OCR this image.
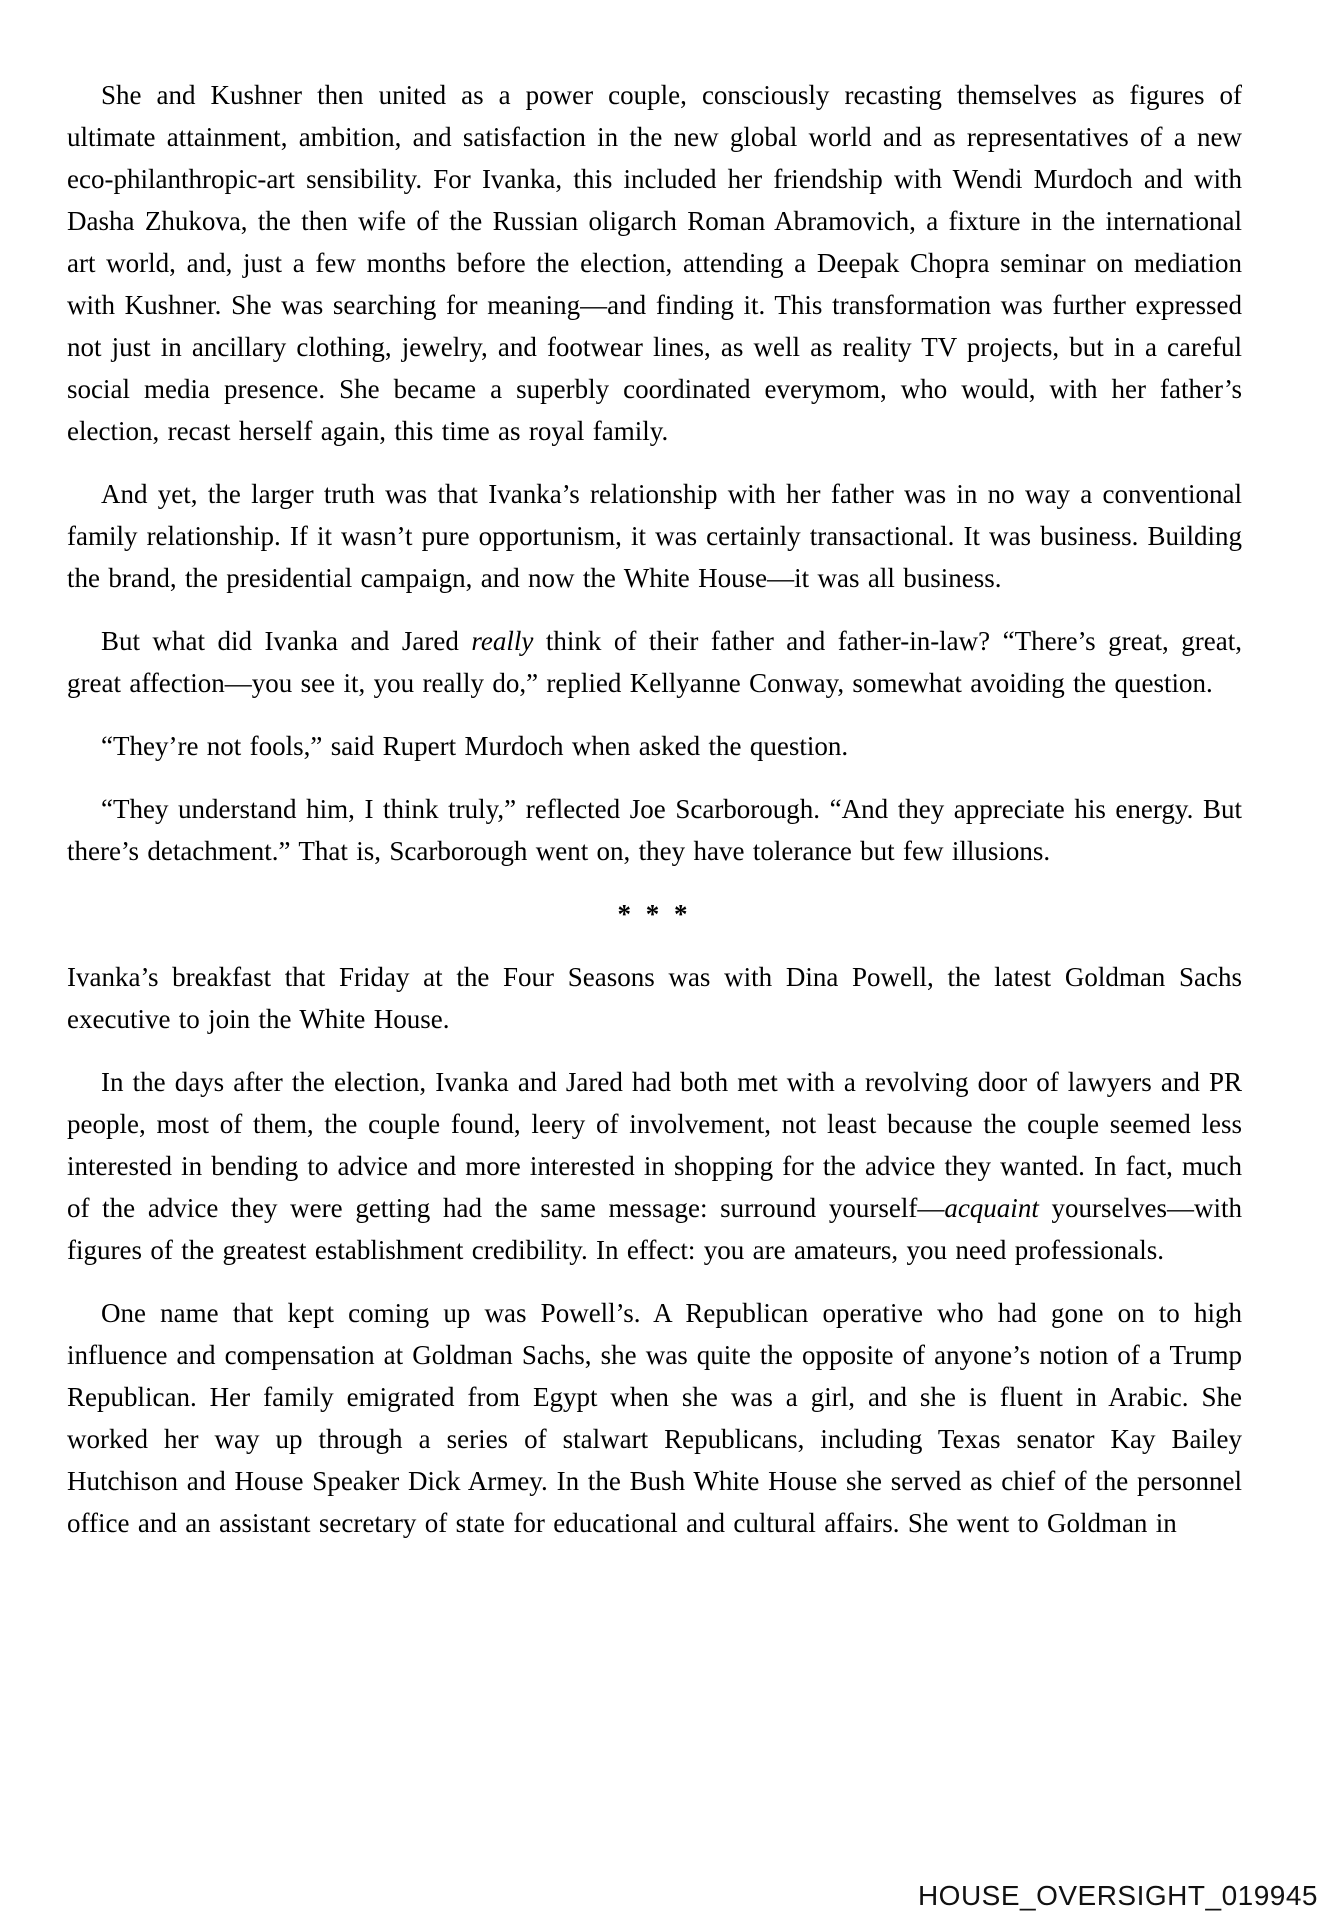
She and Kushner then united as a power couple, consciously recasting themselves as figures of ultimate attainment, ambition, and satisfaction in the new global world and as representatives of a new eco-philanthropic-art sensibility. For Ivanka, this included her friendship with Wendi Murdoch and with Dasha Zhukova, the then wife of the Russian oligarch Roman Abramovich, a fixture in the international art world, and, just a few months before the election, attending a Deepak Chopra seminar on mediation with Kushner. She was searching for meaning—and finding it. This transformation was further expressed not just in ancillary clothing, jewelry, and footwear lines, as well as reality TV projects, but in a careful social media presence. She became a superbly coordinated everymom, who would, with her father’s election, recast herself again, this time as royal family.

And yet, the larger truth was that Ivanka’s relationship with her father was in no way a conventional family relationship. If it wasn’t pure opportunism, it was certainly transactional. It was business. Building the brand, the presidential campaign, and now the White House—it was all business.

But what did Ivanka and Jared really think of their father and father-in-law? “There’s great, great, great affection—you see it, you really do,” replied Kellyanne Conway, somewhat avoiding the question.

“They’re not fools,” said Rupert Murdoch when asked the question.

“They understand him, I think truly,” reflected Joe Scarborough. “And they appreciate his energy. But there’s detachment.” That is, Scarborough went on, they have tolerance but few illusions.

* * *

Ivanka’s breakfast that Friday at the Four Seasons was with Dina Powell, the latest Goldman Sachs executive to join the White House.

In the days after the election, Ivanka and Jared had both met with a revolving door of lawyers and PR people, most of them, the couple found, leery of involvement, not least because the couple seemed less interested in bending to advice and more interested in shopping for the advice they wanted. In fact, much of the advice they were getting had the same message: surround yourself—acquaint yourselves—with figures of the greatest establishment credibility. In effect: you are amateurs, you need professionals.

One name that kept coming up was Powell’s. A Republican operative who had gone on to high influence and compensation at Goldman Sachs, she was quite the opposite of anyone’s notion of a Trump Republican. Her family emigrated from Egypt when she was a girl, and she is fluent in Arabic. She worked her way up through a series of stalwart Republicans, including Texas senator Kay Bailey Hutchison and House Speaker Dick Armey. In the Bush White House she served as chief of the personnel office and an assistant secretary of state for educational and cultural affairs. She went to Goldman in

HOUSE_OVERSIGHT_019945
